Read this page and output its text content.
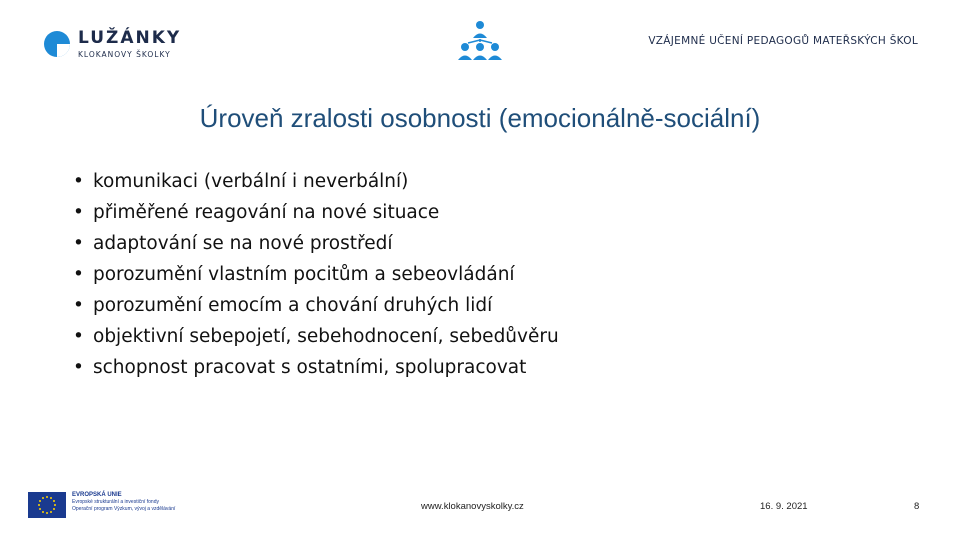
LUŽÁNKY
KLOKANOVY ŠKOLKY
VZÁJEMNÉ UČENÍ PEDAGOGŮ MATEŘSKÝCH ŠKOL
Úroveň zralosti osobnosti (emocionálně-sociální)
• komunikaci (verbální i neverbální)
• přiměřené reagování na nové situace
• adaptování se na nové prostředí
• porozumění vlastním pocitům a sebeovládání
• porozumění emocím a chování druhých lidí
• objektivní sebepojetí, sebehodnocení, sebedůvěru
• schopnost pracovat s ostatními, spolupracovat
EVROPSKÁ UNIE
Evropské strukturální a investiční fondy
Operační program Výzkum, vývoj a vzdělávání	www.klokanovyskolky.cz	16. 9. 2021	8
